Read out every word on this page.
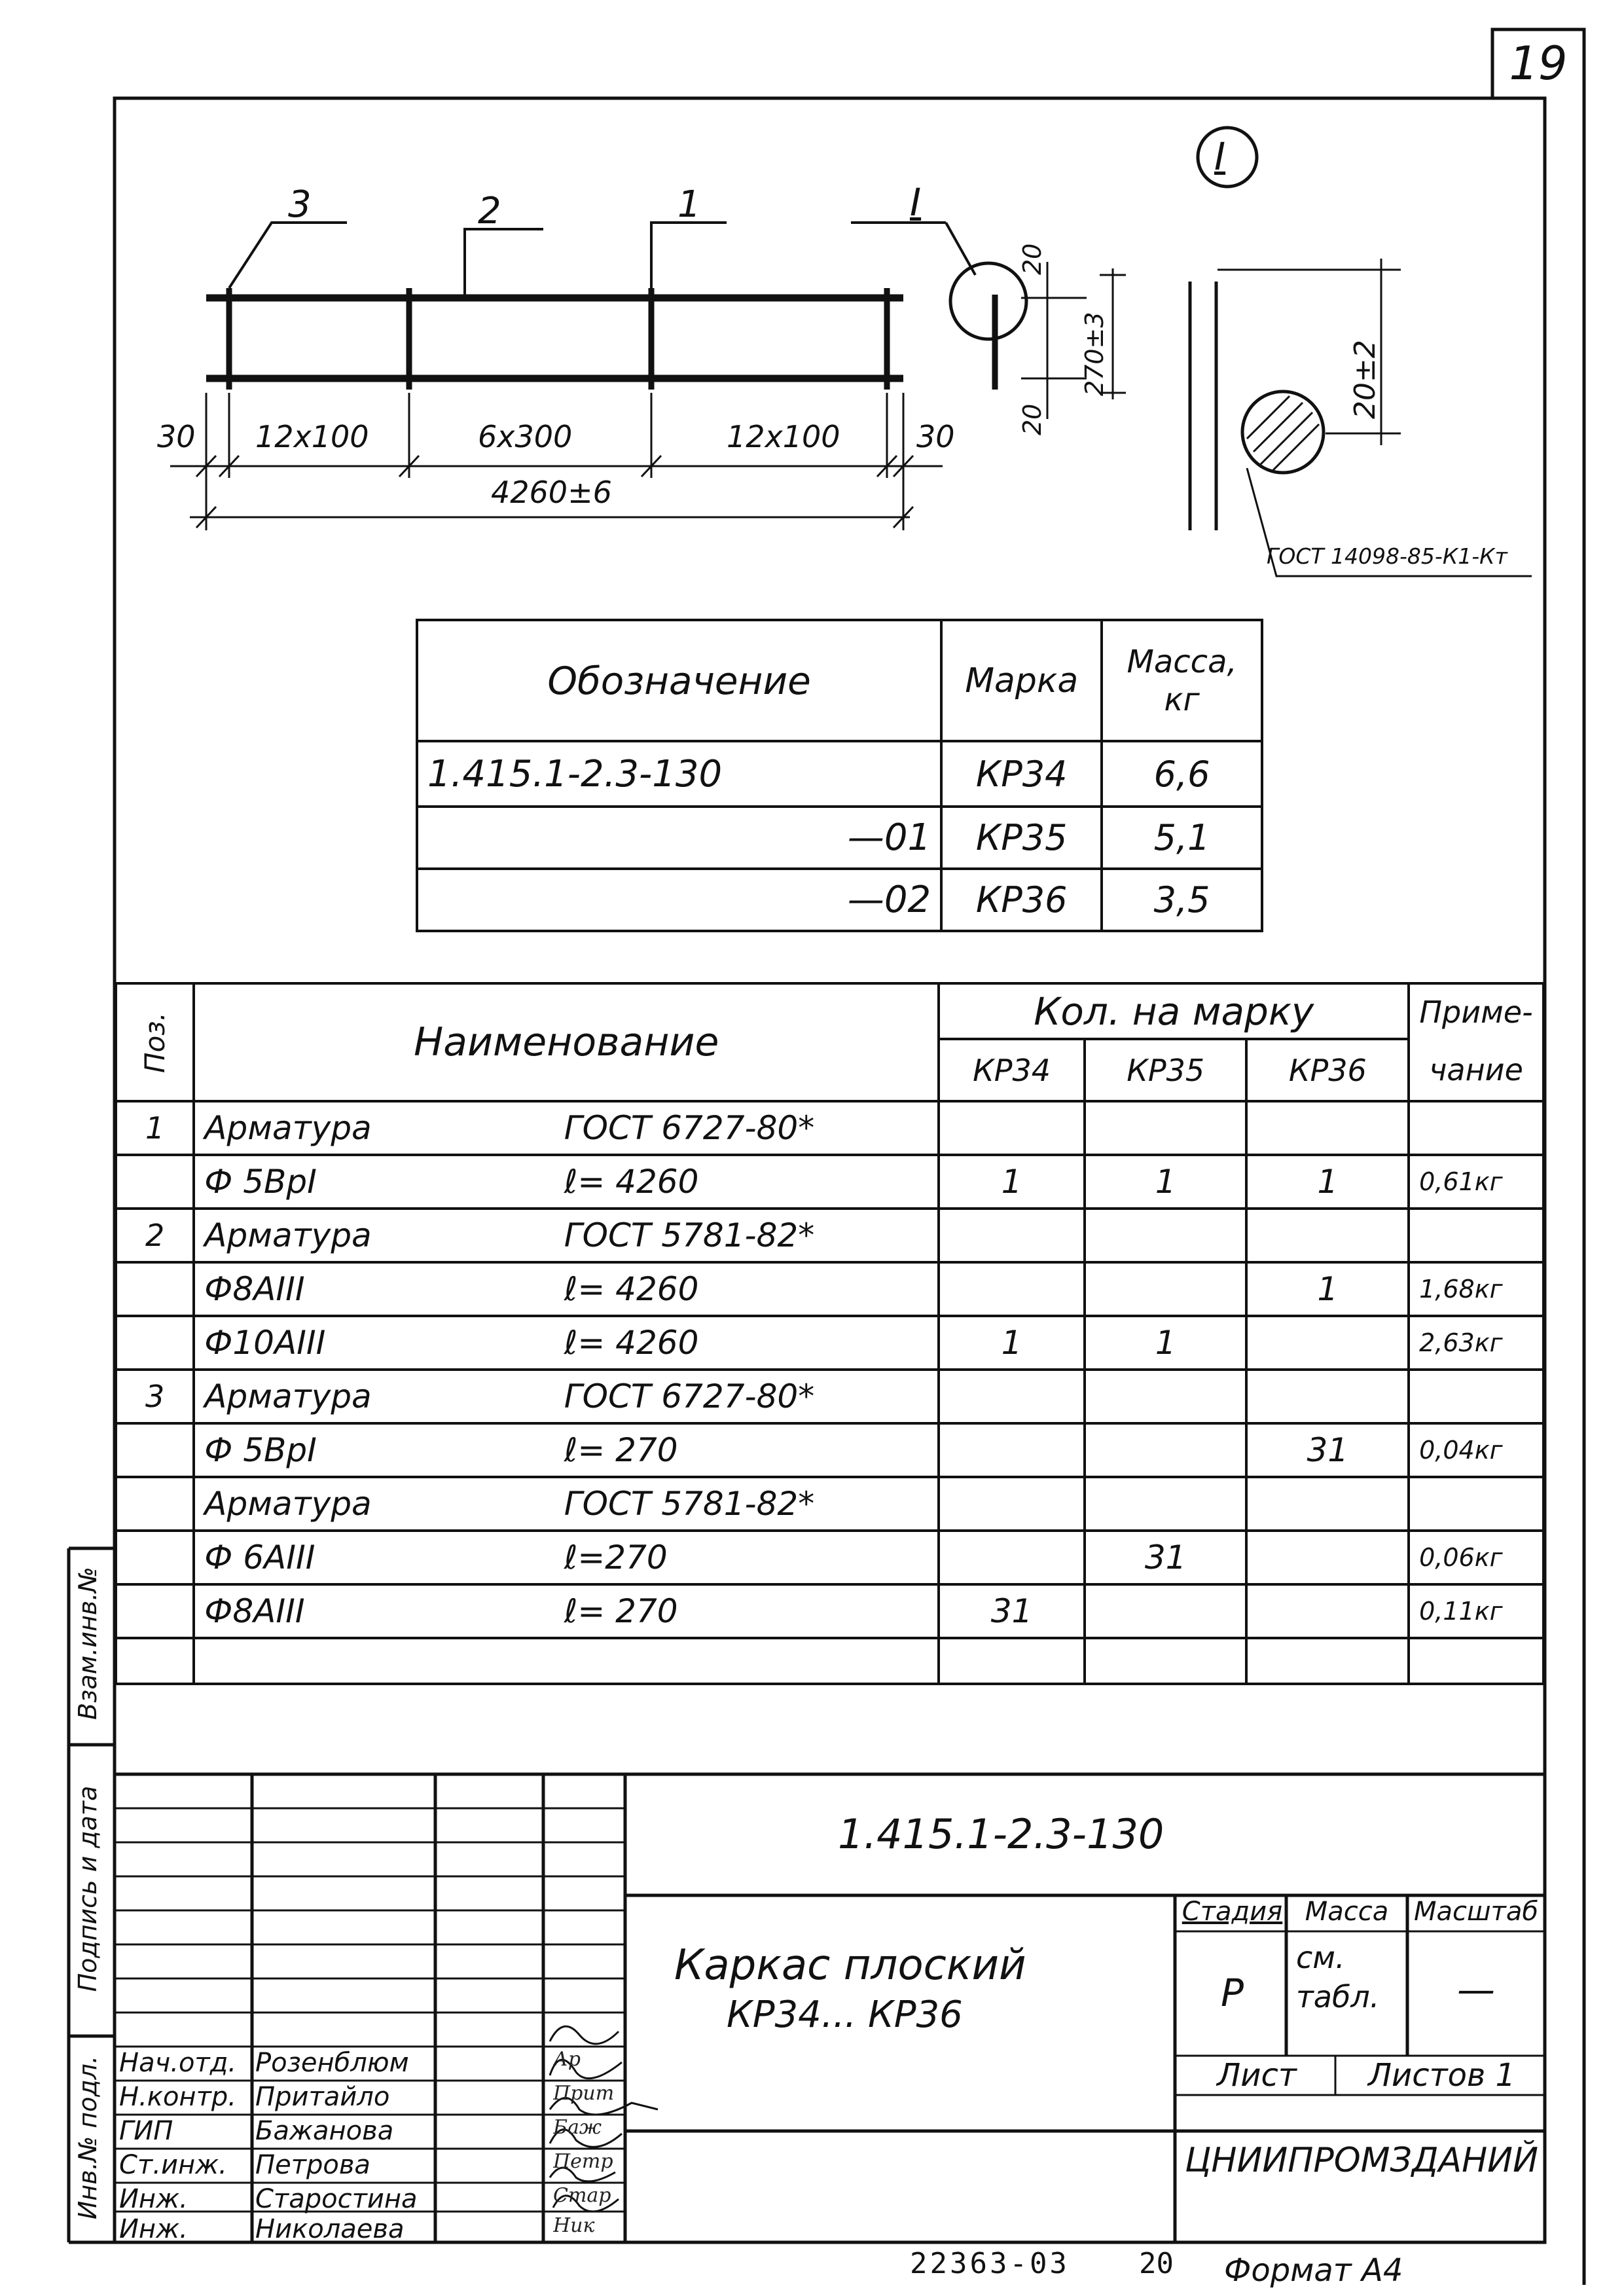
19
3	2	1	I
I
30 12x100	6x300	12x100	30
4260±6
20
270±3
20
20±2
ГОСТ 14098-85-К1-Кт
Обозначение	Марка	Масса, кг
1.415.1-2.3-130	КР34	6,6
—01	КР35	5,1
—02	КР36	3,5
Поз.	Наименование		Кол. на марку			Приме-
			КР34	КР35	КР36	чание
1	Арматура	ГОСТ 6727-80*				
	Ф 5ВрI	ℓ= 4260	1	1	1	0,61кг
2	Арматура	ГОСТ 5781-82*				
	Ф8АIII	ℓ= 4260			1	1,68кг
	Ф10АIII	ℓ= 4260	1	1		2,63кг
3	Арматура	ГОСТ 6727-80*				
	Ф 5ВрI	ℓ= 270			31	0,04кг
	Арматура	ГОСТ 5781-82*				
	Ф 6АIII	ℓ=270		31		0,06кг
	Ф8АIII	ℓ= 270	31			0,11кг

Нач.отд. Розенблюм	Ар
Н.контр. Притайло	Прит
ГИП	Бажанова	Баж
Ст.инж.	Петрова	Петр
Инж.	Старостина	Стар
Инж.	Николаева	Ник
1.415.1-2.3-130
Каркас плоский
КР34... КР36
Стадия Масса Масштаб
Р
см. табл.	—
Лист	Листов 1
ЦНИИПРОМЗДАНИЙ
Взам.инв.№
Подпись и дата
Инв.№ подл.
22363-03 20 Формат А4
